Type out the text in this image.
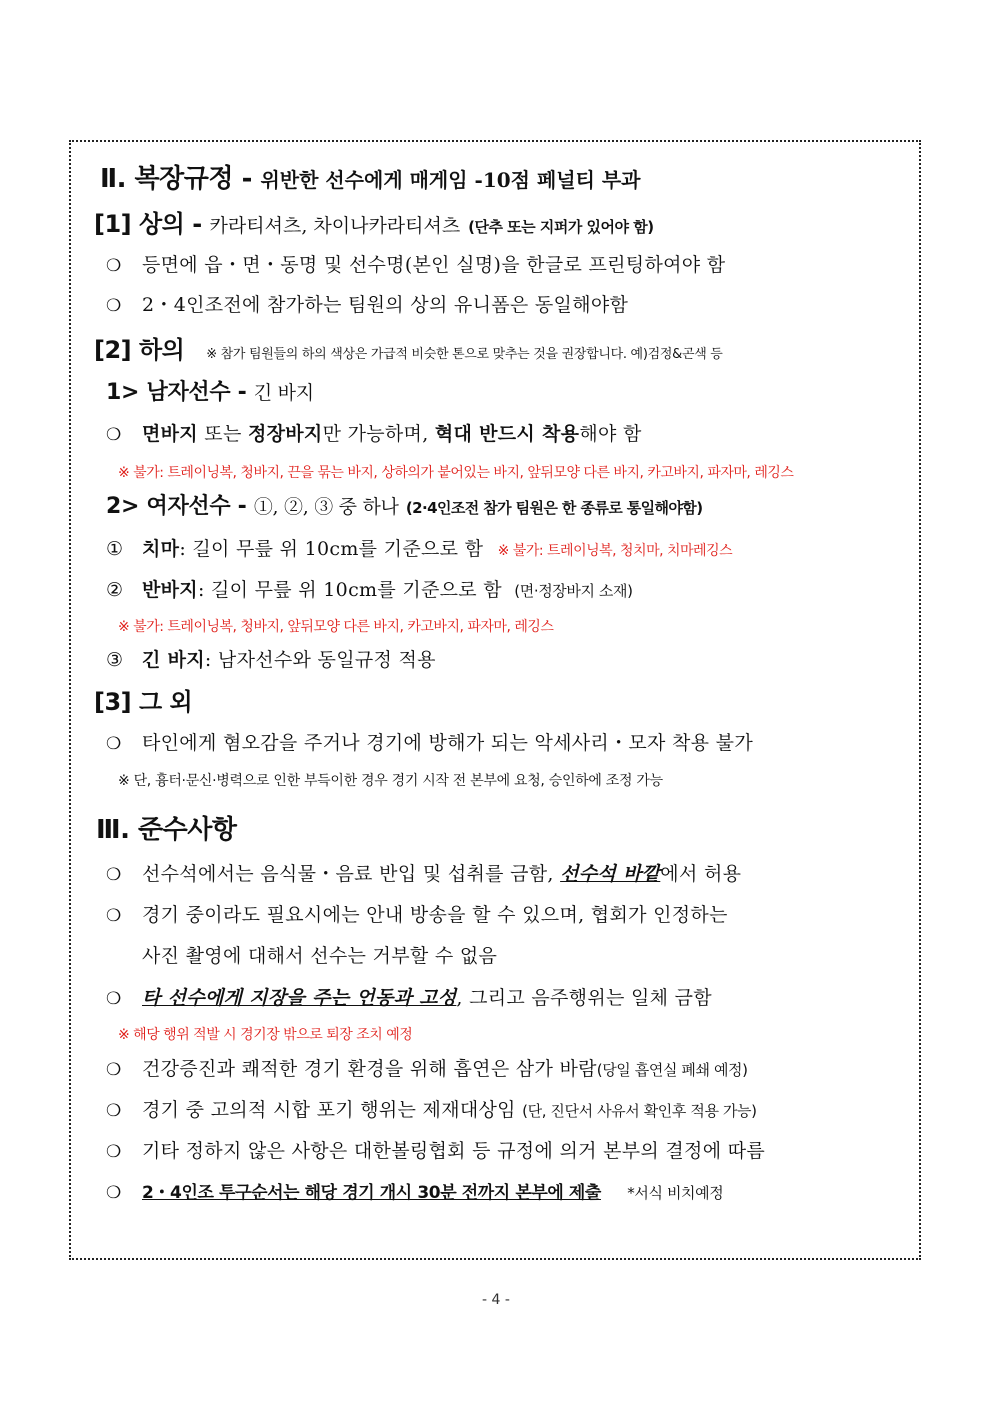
Ⅱ. 복장규정 - 위반한 선수에게 매게임 -10점 페널티 부과
[1] 상의 - 카라티셔츠, 차이나카라티셔츠 (단추 또는 지퍼가 있어야 함)
❍ 등면에 읍・면・동명 및 선수명(본인 실명)을 한글로 프린팅하여야 함
❍ 2・4인조전에 참가하는 팀원의 상의 유니폼은 동일해야함
[2] 하의 ※ 참가 팀원들의 하의 색상은 가급적 비슷한 톤으로 맞추는 것을 권장합니다. 예)검정&곤색 등
1> 남자선수 - 긴 바지
❍ 면바지 또는 정장바지만 가능하며, 혁대 반드시 착용해야 함
※ 불가: 트레이닝복, 청바지, 끈을 묶는 바지, 상하의가 붙어있는 바지, 앞뒤모양 다른 바지, 카고바지, 파자마, 레깅스
2> 여자선수 - ①, ②, ③ 중 하나 (2·4인조전 참가 팀원은 한 종류로 통일해야함)
① 치마: 길이 무릎 위 10cm를 기준으로 함 ※ 불가: 트레이닝복, 청치마, 치마레깅스
② 반바지: 길이 무릎 위 10cm를 기준으로 함 (면·정장바지 소재)
※ 불가: 트레이닝복, 청바지, 앞뒤모양 다른 바지, 카고바지, 파자마, 레깅스
③ 긴 바지: 남자선수와 동일규정 적용
[3] 그 외
❍ 타인에게 혐오감을 주거나 경기에 방해가 되는 악세사리・모자 착용 불가
※ 단, 흉터·문신·병력으로 인한 부득이한 경우 경기 시작 전 본부에 요청, 승인하에 조정 가능
Ⅲ. 준수사항
❍ 선수석에서는 음식물・음료 반입 및 섭취를 금함, 선수석 바깥에서 허용
❍ 경기 중이라도 필요시에는 안내 방송을 할 수 있으며, 협회가 인정하는
사진 촬영에 대해서 선수는 거부할 수 없음
❍ 타 선수에게 지장을 주는 언동과 고성, 그리고 음주행위는 일체 금함
※ 해당 행위 적발 시 경기장 밖으로 퇴장 조치 예정
❍ 건강증진과 쾌적한 경기 환경을 위해 흡연은 삼가 바람(당일 흡연실 폐쇄 예정)
❍ 경기 중 고의적 시합 포기 행위는 제재대상임 (단, 진단서 사유서 확인후 적용 가능)
❍ 기타 정하지 않은 사항은 대한볼링협회 등 규정에 의거 본부의 결정에 따름
❍ 2・4인조 투구순서는 해당 경기 개시 30분 전까지 본부에 제출 *서식 비치예정
- 4 -
